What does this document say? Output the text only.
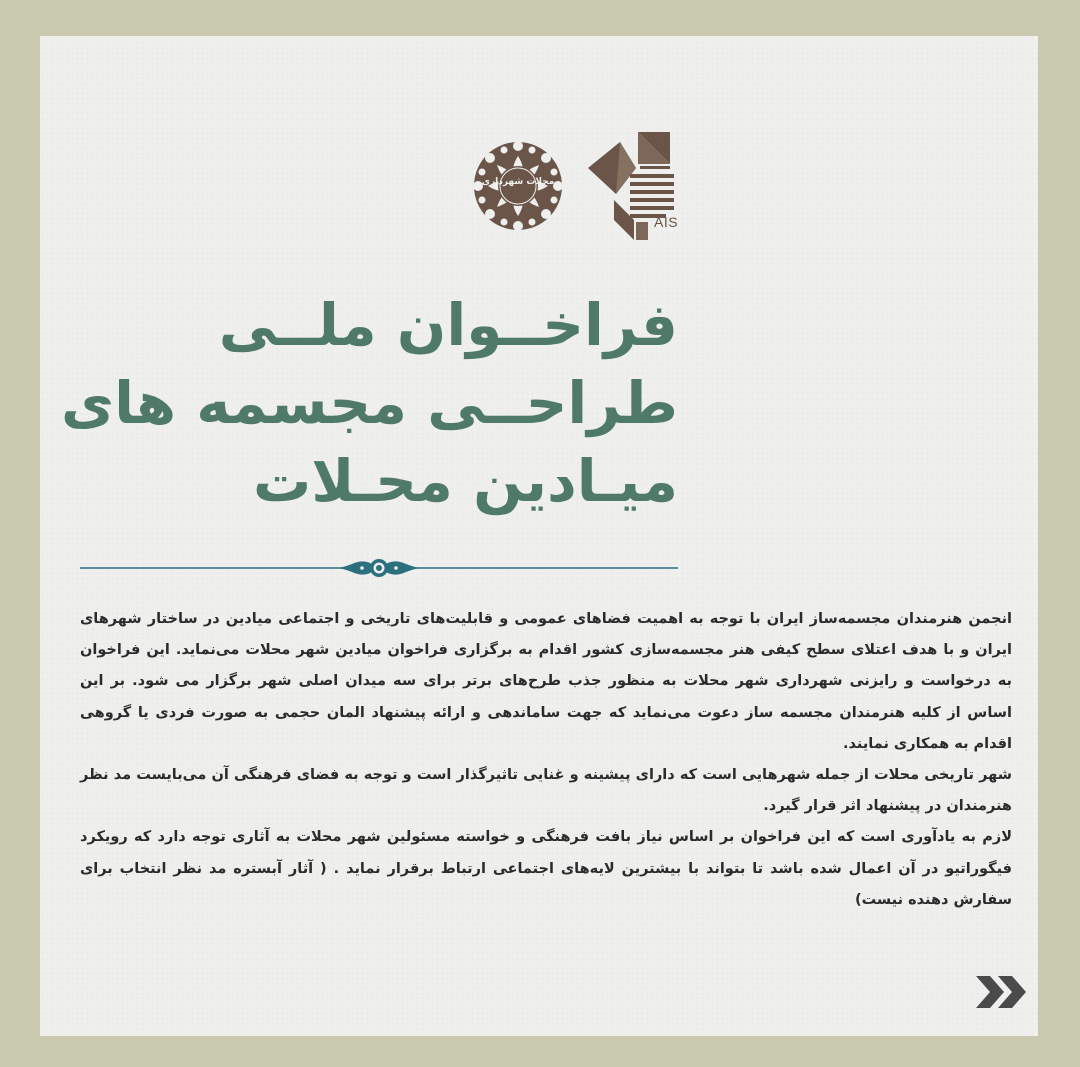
AIS
مجلات شهرداری
فراخــوان ملــی
طراحــی مجسمه های
میـادین محـلات

انجمن هنرمندان مجسمه‌ساز ایران با توجه به اهمیت فضاهای عمومی و قابلیت‌های تاریخی و اجتماعی میادین در ساختار شهرهای ایران و با هدف اعتلای سطح کیفی هنر مجسمه‌سازی کشور اقدام به برگزاری فراخوان میادین شهر محلات می‌نماید. این فراخوان به درخواست و رایزنی شهرداری شهر محلات به منظور جذب طرح‌های برتر برای سه میدان اصلی شهر برگزار می شود. بر این اساس از کلیه هنرمندان مجسمه ساز دعوت می‌نماید که جهت ساماندهی و ارائه پیشنهاد المان حجمی به صورت فردی یا گروهی اقدام به همکاری نمایند.

شهر تاریخی محلات از جمله شهرهایی است که دارای پیشینه و غنایی تاثیرگذار است و توجه به فضای فرهنگی آن می‌بایست مد نظر هنرمندان در پیشنهاد اثر قرار گیرد.

لازم به یادآوری است که این فراخوان بر اساس نیاز بافت فرهنگی و خواسته مسئولین شهر محلات به آثاری توجه دارد که رویکرد فیگوراتیو در آن اعمال شده باشد تا بتواند با بیشترین لایه‌های اجتماعی ارتباط برقرار نماید . ( آثار آبستره مد نظر انتخاب برای سفارش دهنده نیست)
